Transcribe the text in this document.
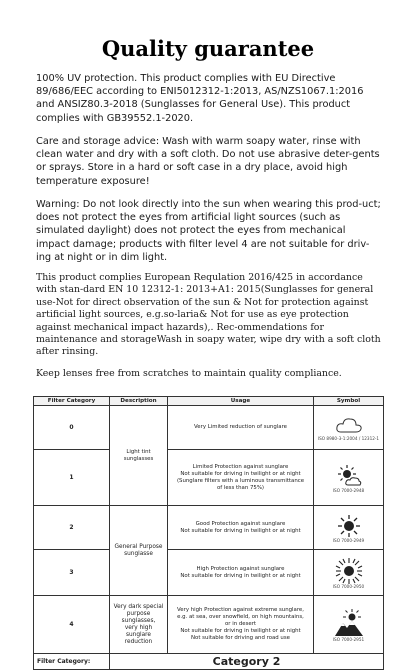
Quality guarantee

100% UV protection. This product complies with EU Directive 89/686/EEC according to ENI5012312-1:2013, AS/NZS1067.1:2016 and ANSIZ80.3-2018 (Sunglasses for General Use). This product complies with GB39552.1-2020.

Care and storage advice: Wash with warm soapy water, rinse with clean water and dry with a soft cloth. Do not use abrasive deter-gents or sprays. Store in a hard or soft case in a dry place, avoid high temperature exposure!

Warning: Do not look directly into the sun when wearing this prod-uct; does not protect the eyes from artificial light sources (such as simulated daylight) does not protect the eyes from mechanical impact damage; products with filter level 4 are not suitable for driv-ing at night or in dim light.

This product complies European Requlation 2016/425 in accordance with stan-dard EN 10 12312-1: 2013+A1: 2015(Sunglasses for general use-Not for direct observation of the sun & Not for protection against artificial light sources, e.g.so-laria& Not for use as eye protection against mechanical impact hazards),. Rec-ommendations for maintenance and storageWash in soapy water, wipe dry with a soft cloth after rinsing.

Keep lenses free from scratches to maintain quality compliance.

Filter Category	Description	Usage	Symbol
0	Light tint sunglasses	Very Limited reduction of sunglare	ISO 8980-3-1:2004 / 12312-1

1		Limited Protection against sunglare
Not suitable for driving in twilight or at night
(Sunglare filters with a luminous transmittance
of less than 75%)	ISO 7000-2948

2	General Purpose
sunglasse	Good Protection against sunglare
Not suitable for driving in twilight or at night	ISO 7000-2949

3		High Protection against sunglare
Not suitable for driving in twilight or at night	ISO 7000-2950

4	Very dark special
purpose sunglasses,
very high sunglare
reduction	Very high Protection against extreme sunglare,
e.g. at sea, over snowfield, on high mountains,
or in desert
Not suitable for driving in twilight or at night
Not suitable for driving and road use	ISO 7000-2951

Filter Category:	Category 2		
